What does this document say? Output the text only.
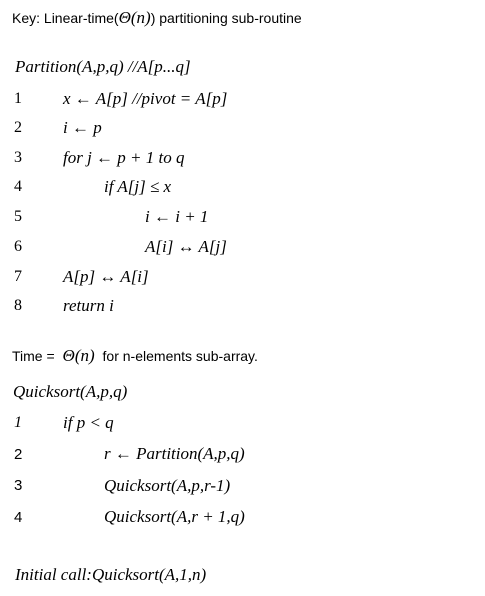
Key: Linear-time(Θ(n)) partitioning sub-routine
Partition(A,p,q) //A[p...q]
1 x ← A[p] //pivot = A[p]
2 i ← p
3 for j ← p + 1 to q
4	if A[j] ≤ x
5	i ← i + 1
6	A[i] ↔ A[j]
7 A[p] ↔ A[i]
8 return i
Time = Θ(n) for n-elements sub-array.
Quicksort(A,p,q)
1 if p < q
2	r ← Partition(A,p,q)
3	Quicksort(A,p,r-1)
4	Quicksort(A,r + 1,q)
Initial call:Quicksort(A,1,n)
